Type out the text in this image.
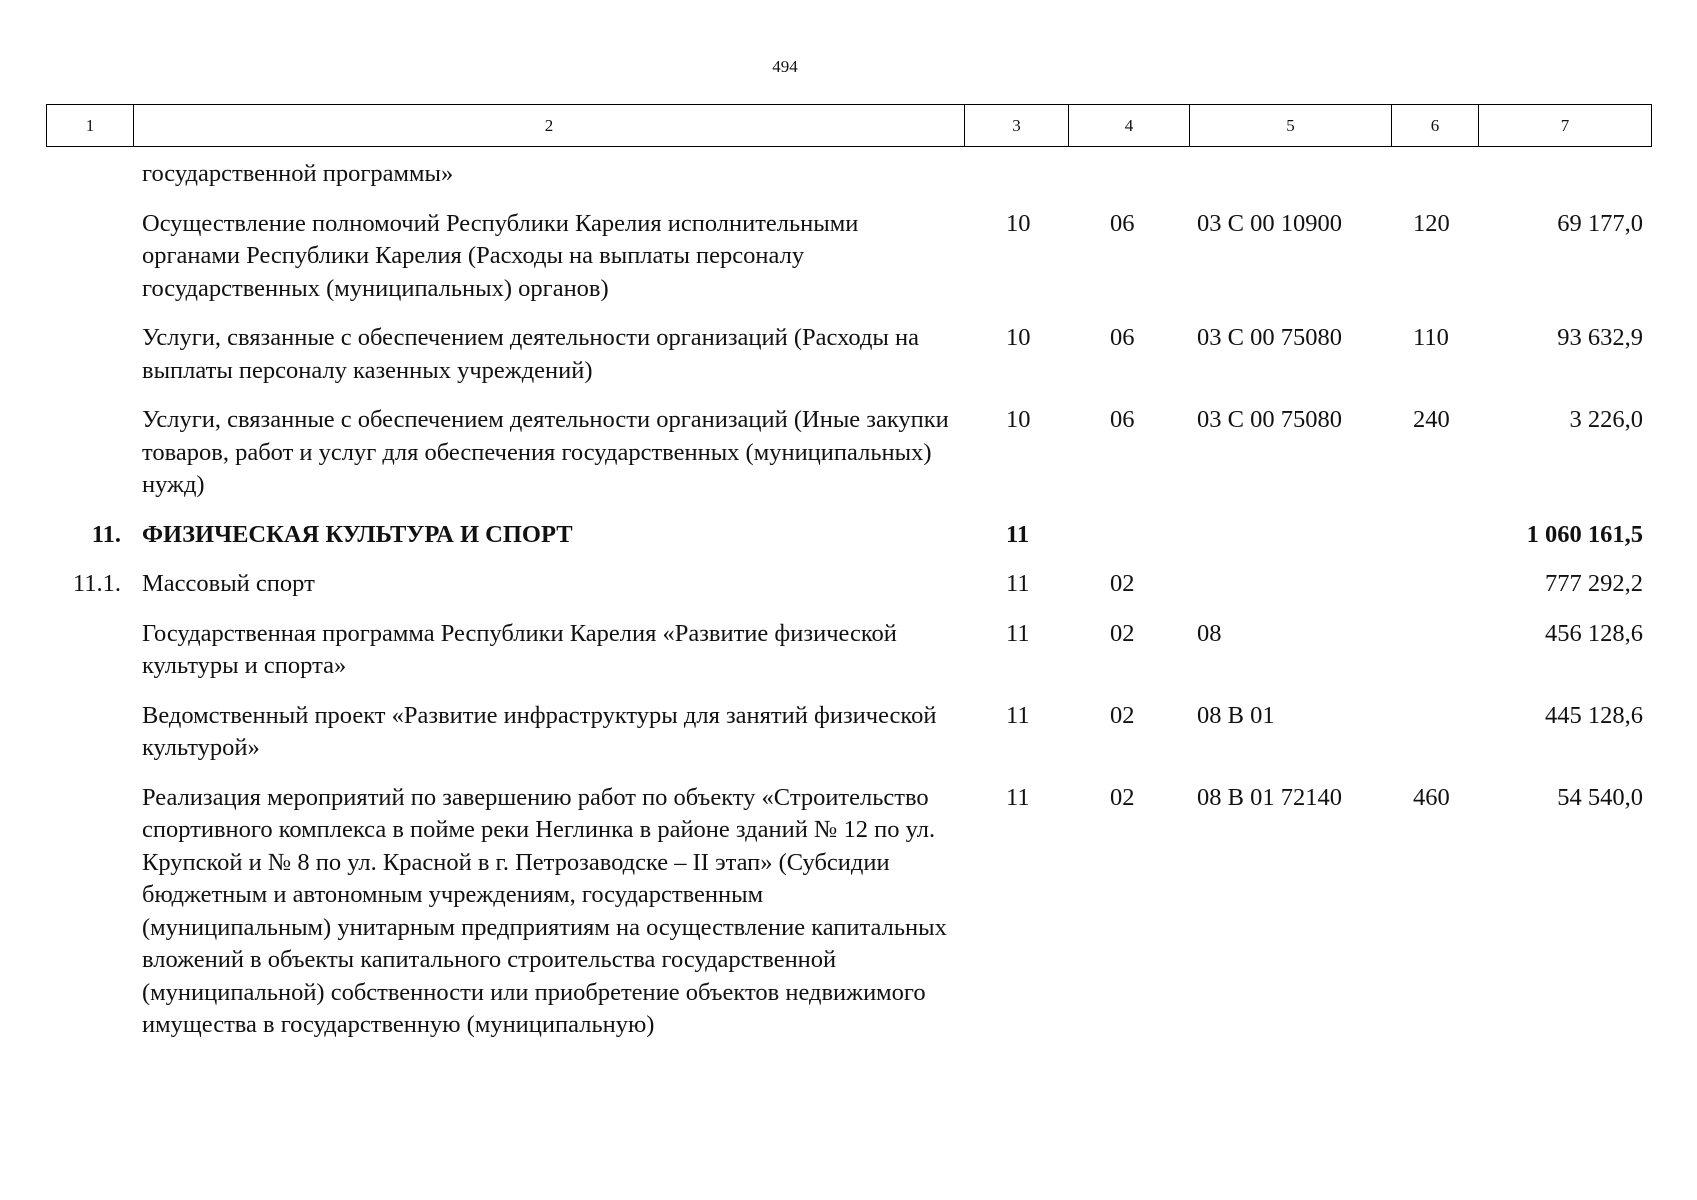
494
1	2	3	4	5	6	7
	государственной программы»					
	Осуществление полномочий Республики Карелия исполнительными органами Республики Карелия (Расходы на выплаты персоналу государственных (муниципальных) органов)	10	06	03 С 00 10900	120	69 177,0
	Услуги, связанные с обеспечением деятельности организаций (Расходы на выплаты персоналу казенных учреждений)	10	06	03 С 00 75080	110	93 632,9
	Услуги, связанные с обеспечением деятельности организаций (Иные закупки товаров, работ и услуг для обеспечения государственных (муниципальных) нужд)	10	06	03 С 00 75080	240	3 226,0
11.	ФИЗИЧЕСКАЯ КУЛЬТУРА И СПОРТ	11				1 060 161,5
11.1.	Массовый спорт	11	02			777 292,2
	Государственная программа Республики Карелия «Развитие физической культуры и спорта»	11	02	08		456 128,6
	Ведомственный проект «Развитие инфраструктуры для занятий физической культурой»	11	02	08 В 01		445 128,6
	Реализация мероприятий по завершению работ по объекту «Строительство спортивного комплекса в пойме реки Неглинка в районе зданий № 12 по ул. Крупской и № 8 по ул. Красной в г. Петрозаводске – II этап» (Субсидии бюджетным и автономным учреждениям, государственным (муниципальным) унитарным предприятиям на осуществление капитальных вложений в объекты капитального строительства государственной (муниципальной) собственности или приобретение объектов недвижимого имущества в государственную (муниципальную)	11	02	08 В 01 72140	460	54 540,0
